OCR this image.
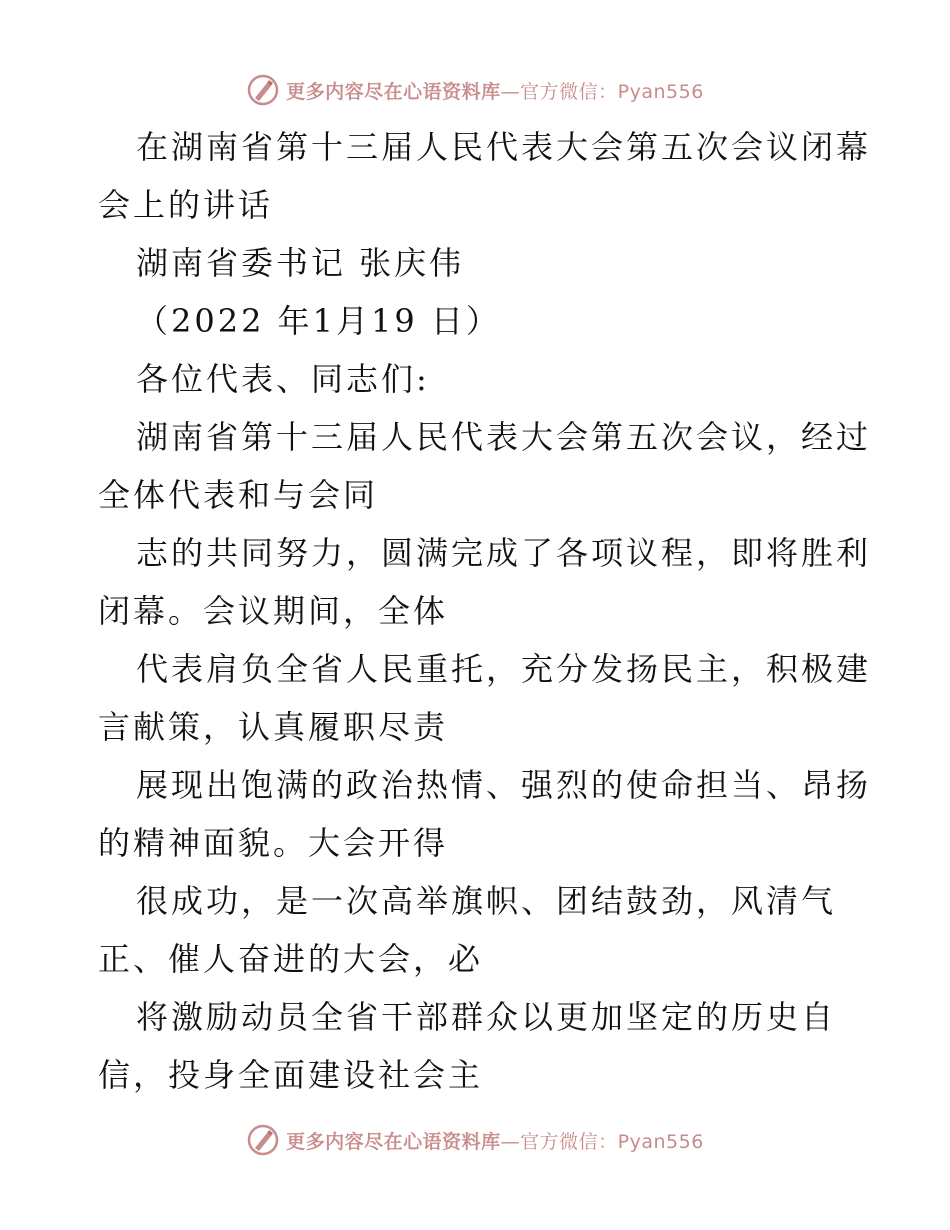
更多内容尽在心语资料库—官方微信：Pyan556
在湖南省第十三届人民代表大会第五次会议闭幕
会上的讲话
湖南省委书记 张庆伟
（2022 年1月19 日）
各位代表、同志们:
湖南省第十三届人民代表大会第五次会议，经过
全体代表和与会同
志的共同努力，圆满完成了各项议程，即将胜利
闭幕。会议期间，全体
代表肩负全省人民重托，充分发扬民主，积极建
言献策，认真履职尽责
展现出饱满的政治热情、强烈的使命担当、昂扬
的精神面貌。大会开得
很成功，是一次高举旗帜、团结鼓劲，风清气
正、催人奋进的大会，必
将激励动员全省干部群众以更加坚定的历史自
信，投身全面建设社会主
更多内容尽在心语资料库—官方微信：Pyan556
